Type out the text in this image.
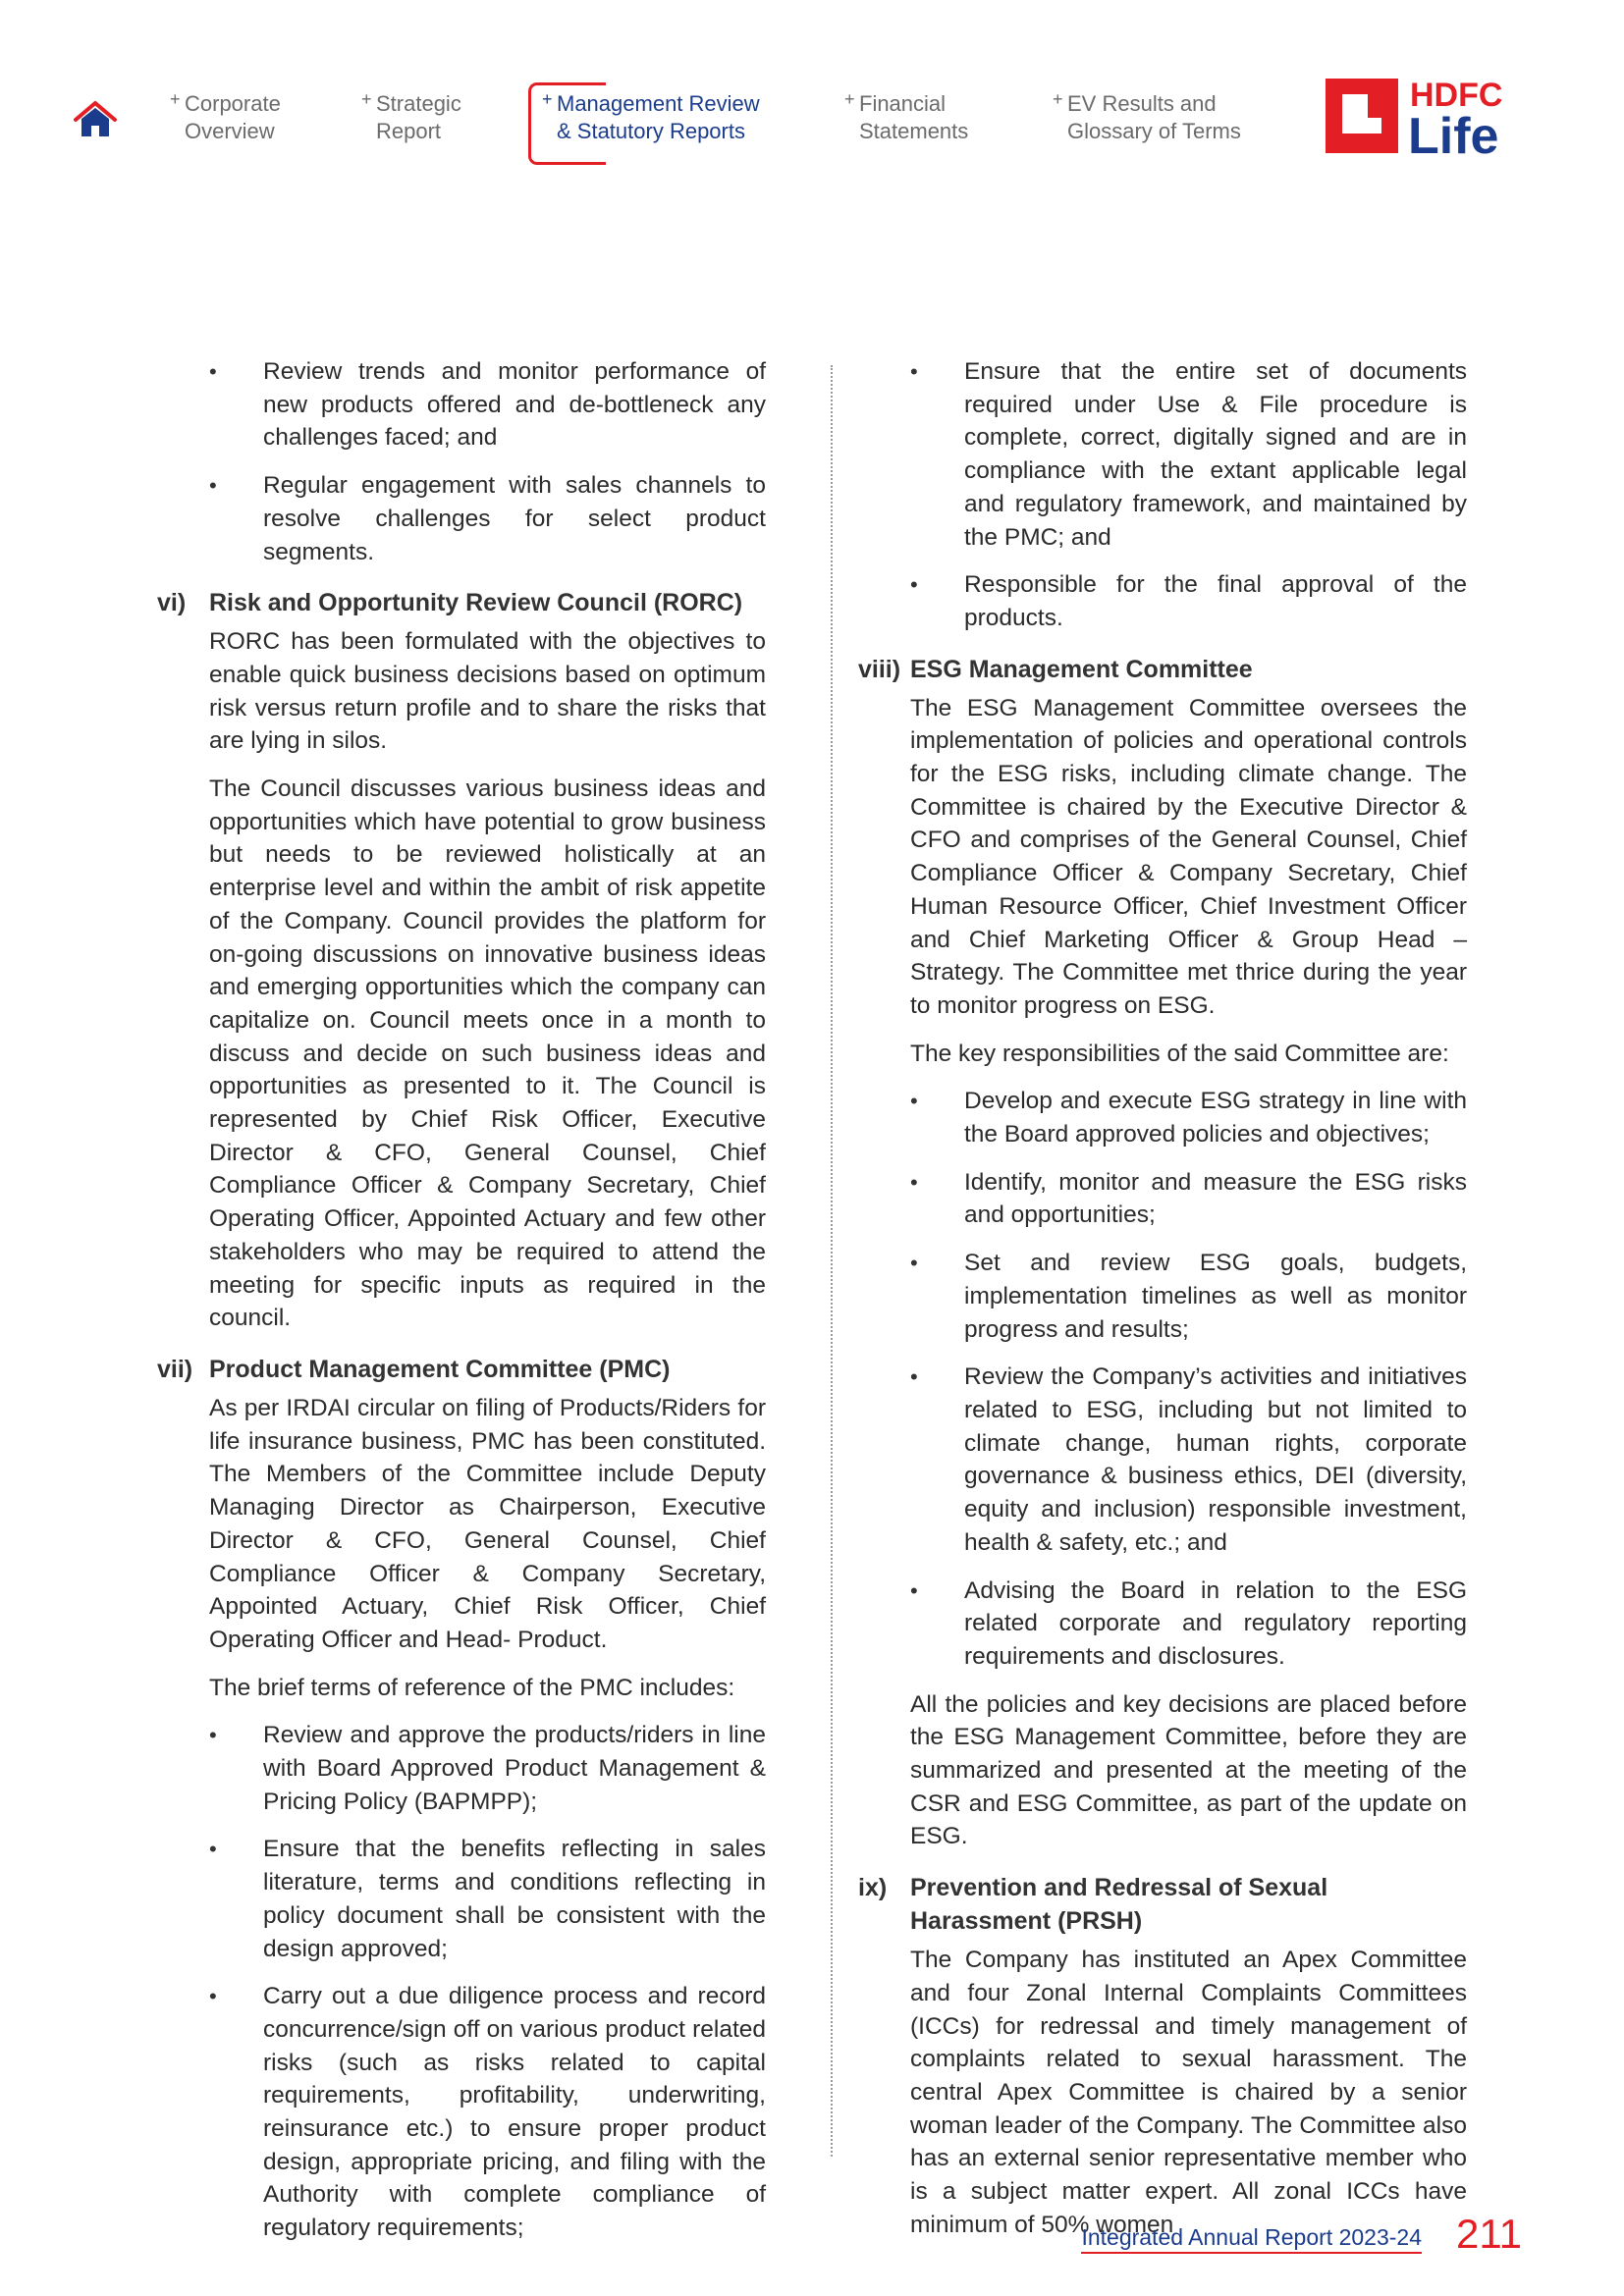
+ Corporate
Overview
+ Strategic
Report
+ Management Review
& Statutory Reports
+ Financial
Statements
+ EV Results and
Glossary of Terms
HDFC
Life
• Review trends and monitor performance of new products offered and de-bottleneck any challenges faced; and
• Regular engagement with sales channels to resolve challenges for select product segments.
vi) Risk and Opportunity Review Council (RORC)

RORC has been formulated with the objectives to enable quick business decisions based on optimum risk versus return profile and to share the risks that are lying in silos.

The Council discusses various business ideas and opportunities which have potential to grow business but needs to be reviewed holistically at an enterprise level and within the ambit of risk appetite of the Company. Council provides the platform for on-going discussions on innovative business ideas and emerging opportunities which the company can capitalize on. Council meets once in a month to discuss and decide on such business ideas and opportunities as presented to it. The Council is represented by Chief Risk Officer, Executive Director & CFO, General Counsel, Chief Compliance Officer & Company Secretary, Chief Operating Officer, Appointed Actuary and few other stakeholders who may be required to attend the meeting for specific inputs as required in the council.

vii) Product Management Committee (PMC)

As per IRDAI circular on filing of Products/Riders for life insurance business, PMC has been constituted. The Members of the Committee include Deputy Managing Director as Chairperson, Executive Director & CFO, General Counsel, Chief Compliance Officer & Company Secretary, Appointed Actuary, Chief Risk Officer, Chief Operating Officer and Head- Product.

The brief terms of reference of the PMC includes:

• Review and approve the products/riders in line with Board Approved Product Management & Pricing Policy (BAPMPP);
• Ensure that the benefits reflecting in sales literature, terms and conditions reflecting in policy document shall be consistent with the design approved;
• Carry out a due diligence process and record concurrence/sign off on various product related risks (such as risks related to capital requirements, profitability, underwriting, reinsurance etc.) to ensure proper product design, appropriate pricing, and filing with the Authority with complete compliance of regulatory requirements;
• Ensure that the entire set of documents required under Use & File procedure is complete, correct, digitally signed and are in compliance with the extant applicable legal and regulatory framework, and maintained by the PMC; and
• Responsible for the final approval of the products.
viii) ESG Management Committee

The ESG Management Committee oversees the implementation of policies and operational controls for the ESG risks, including climate change. The Committee is chaired by the Executive Director & CFO and comprises of the General Counsel, Chief Compliance Officer & Company Secretary, Chief Human Resource Officer, Chief Investment Officer and Chief Marketing Officer & Group Head – Strategy. The Committee met thrice during the year to monitor progress on ESG.

The key responsibilities of the said Committee are:

• Develop and execute ESG strategy in line with the Board approved policies and objectives;
• Identify, monitor and measure the ESG risks and opportunities;
• Set and review ESG goals, budgets, implementation timelines as well as monitor progress and results;
• Review the Company’s activities and initiatives related to ESG, including but not limited to climate change, human rights, corporate governance & business ethics, DEI (diversity, equity and inclusion) responsible investment, health & safety, etc.; and
• Advising the Board in relation to the ESG related corporate and regulatory reporting requirements and disclosures.

All the policies and key decisions are placed before the ESG Management Committee, before they are summarized and presented at the meeting of the CSR and ESG Committee, as part of the update on ESG.

ix) Prevention and Redressal of Sexual Harassment (PRSH)

The Company has instituted an Apex Committee and four Zonal Internal Complaints Committees (ICCs) for redressal and timely management of complaints related to sexual harassment. The central Apex Committee is chaired by a senior woman leader of the Company. The Committee also has an external senior representative member who is a subject matter expert. All zonal ICCs have minimum of 50% women

Integrated Annual Report 2023-24 211
